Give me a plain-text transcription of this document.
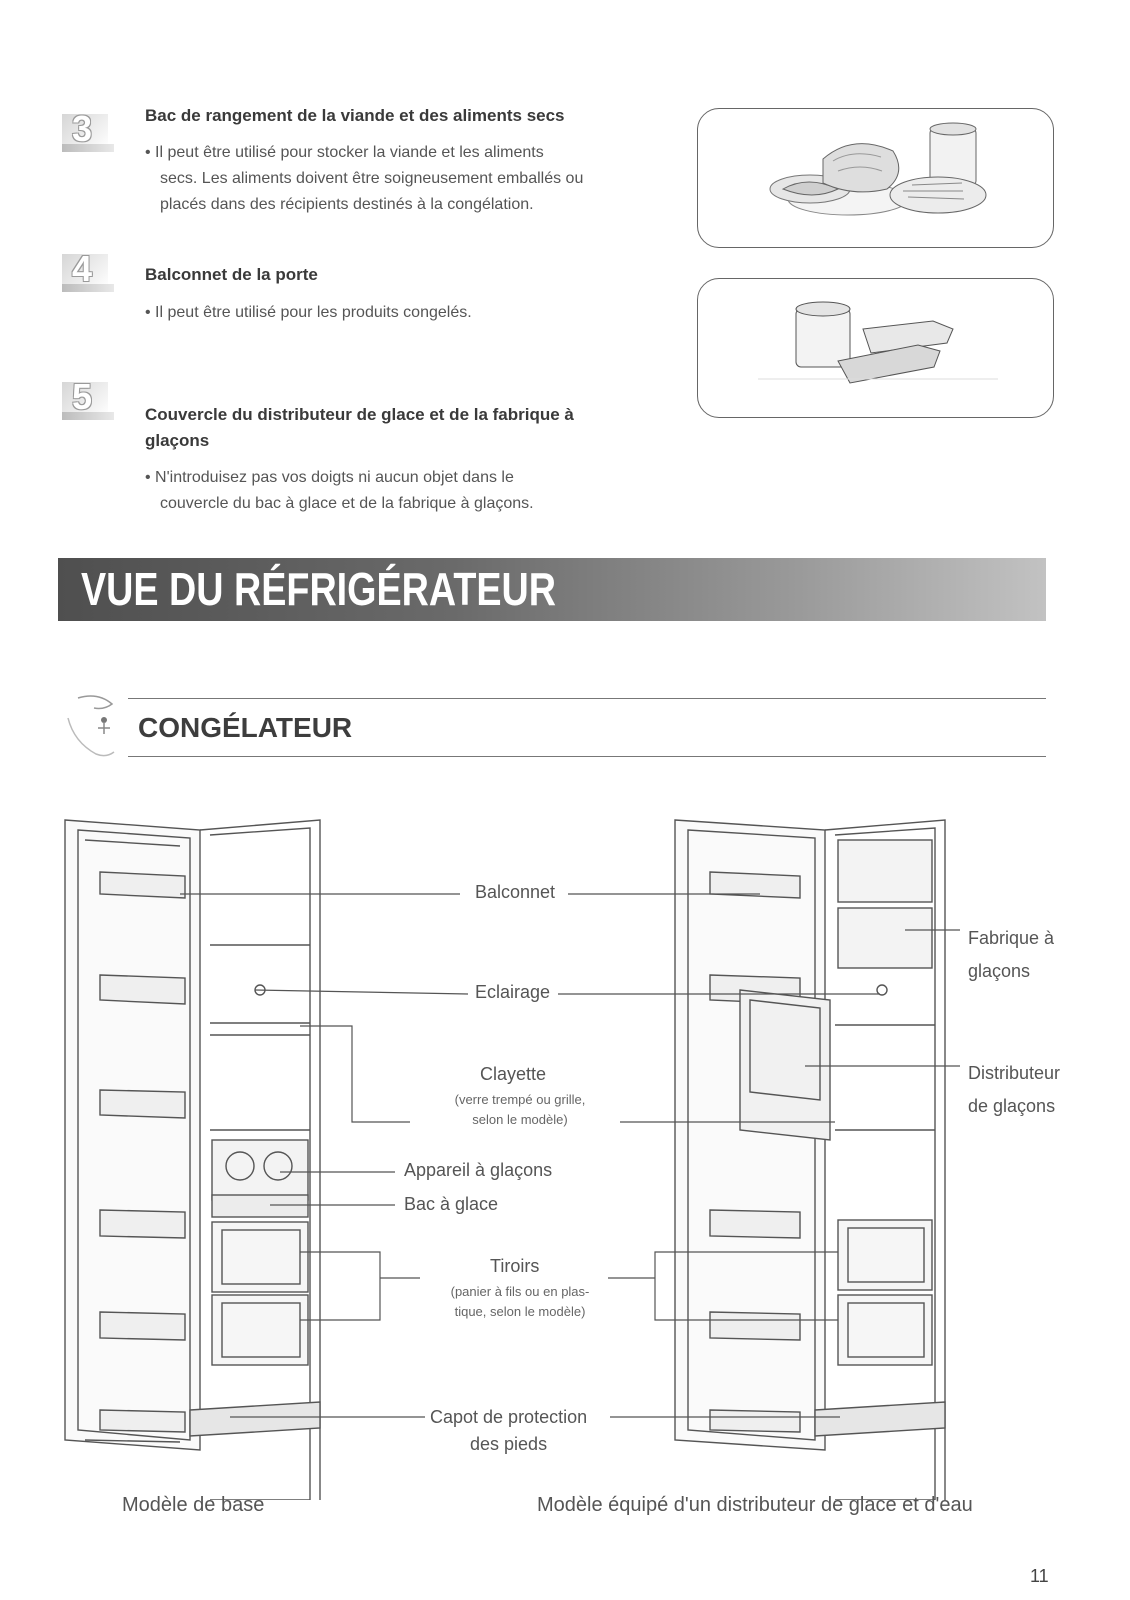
3	Bac de rangement de la viande et des aliments secs
• Il peut être utilisé pour stocker la viande et les aliments
secs. Les aliments doivent être soigneusement emballés ou
placés dans des récipients destinés à la congélation.
4	Balconnet de la porte
• Il peut être utilisé pour les produits congelés.
5	Couvercle du distributeur de glace et de la fabrique à
glaçons
• N'introduisez pas vos doigts ni aucun objet dans le
couvercle du bac à glace et de la fabrique à glaçons.
VUE DU RÉFRIGÉRATEUR
CONGÉLATEUR
Balconnet
Eclairage
Clayette
(verre trempé ou grille,
selon le modèle)
Appareil à glaçons
Bac à glace
Tiroirs
(panier à fils ou en plas-
tique, selon le modèle)
Capot de protection
des pieds
Fabrique à
glaçons
Distributeur
de glaçons
Modèle de base	Modèle équipé d'un distributeur de glace et d'eau
11
